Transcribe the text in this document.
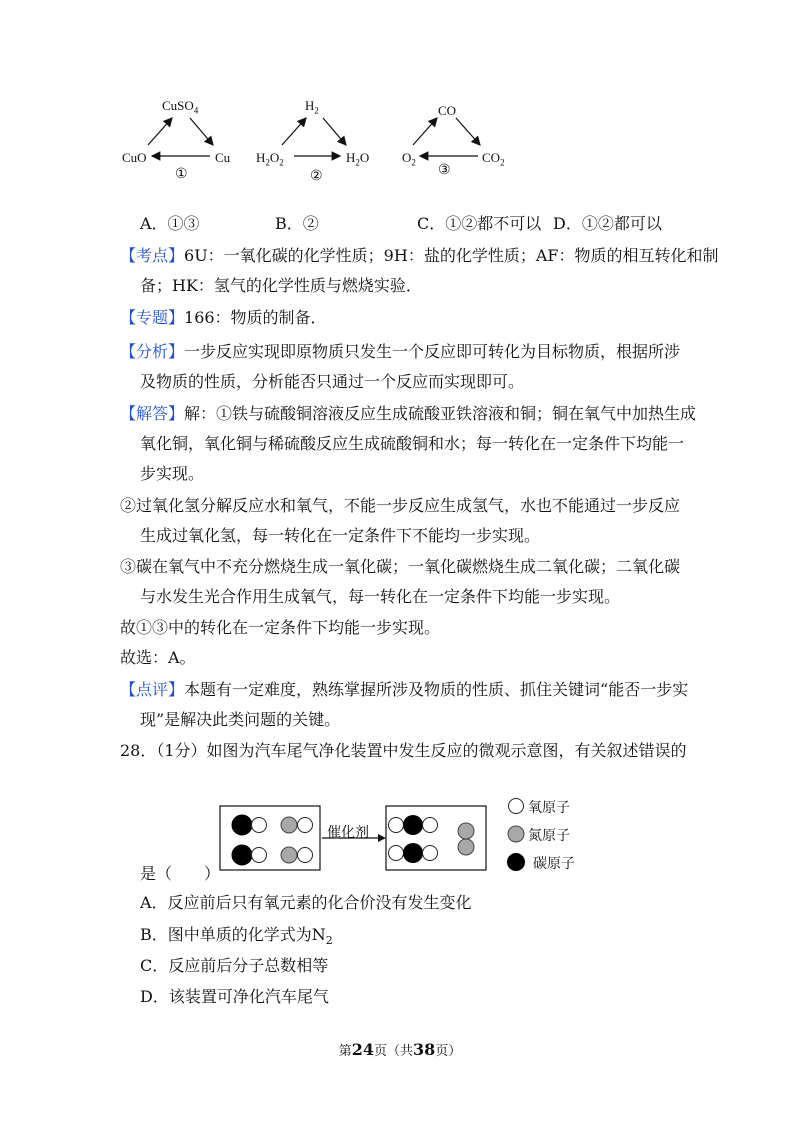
CuSO$_4$
CuO	Cu
①
$H_2$
$H_2O_2$	$H_2O$
②
CO
$O_2$	$CO_2$
③
A．①③	B．②	C．①②都不可以 D．①②都可以
【考点】6U：一氧化碳的化学性质；9H：盐的化学性质；AF：物质的相互转化和制
备；HK：氢气的化学性质与燃烧实验．
【专题】166：物质的制备．
【分析】一步反应实现即原物质只发生一个反应即可转化为目标物质，根据所涉
及物质的性质，分析能否只通过一个反应而实现即可。
【解答】解：①铁与硫酸铜溶液反应生成硫酸亚铁溶液和铜；铜在氧气中加热生成
氧化铜，氧化铜与稀硫酸反应生成硫酸铜和水；每一转化在一定条件下均能一
步实现。
②过氧化氢分解反应水和氧气，不能一步反应生成氢气，水也不能通过一步反应
生成过氧化氢，每一转化在一定条件下不能均一步实现。
③碳在氧气中不充分燃烧生成一氧化碳；一氧化碳燃烧生成二氧化碳；二氧化碳
与水发生光合作用生成氧气，每一转化在一定条件下均能一步实现。
故①③中的转化在一定条件下均能一步实现。
故选：A。
【点评】本题有一定难度，熟练掌握所涉及物质的性质、抓住关键词“能否一步实
现”是解决此类问题的关键。
28．（1分）如图为汽车尾气净化装置中发生反应的微观示意图，有关叙述错误的
催化剂
氧原子
氮原子
碳原子
是（　　）
A．反应前后只有氧元素的化合价没有发生变化
B．图中单质的化学式为$N_2$
C．反应前后分子总数相等
D．该装置可净化汽车尾气
第24页（共38页）
